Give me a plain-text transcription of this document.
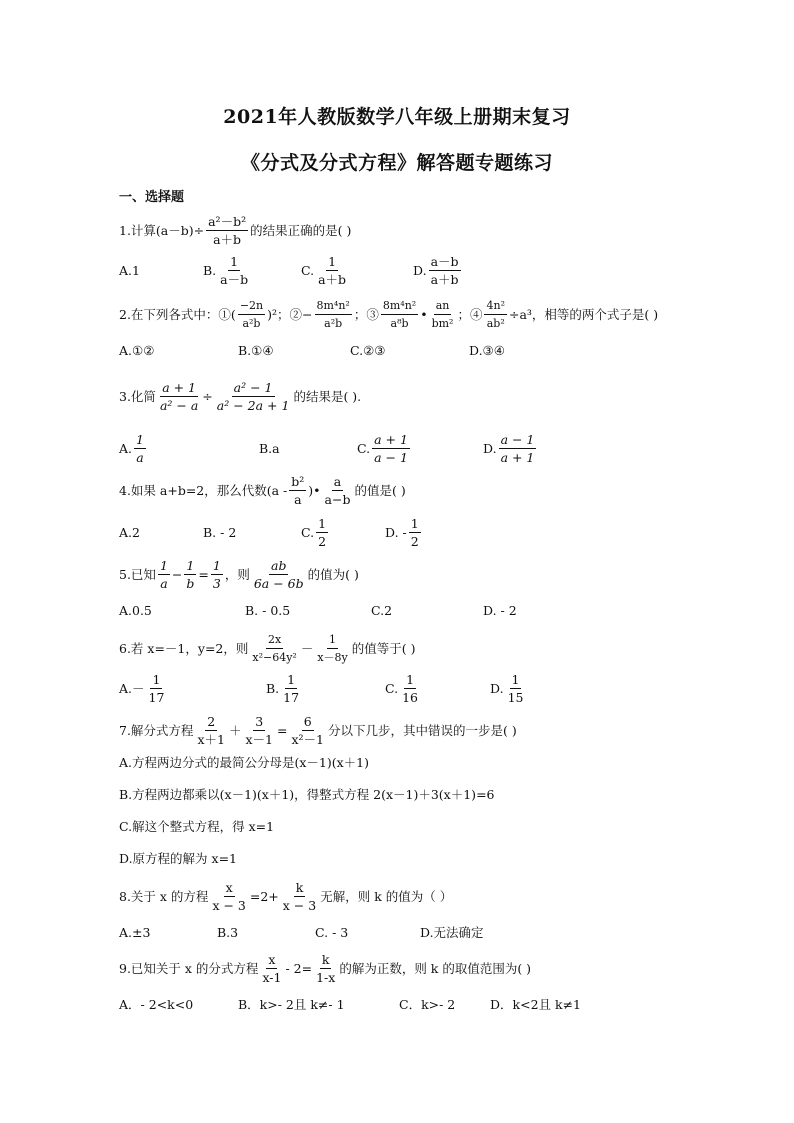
2021年人教版数学八年级上册期末复习
《分式及分式方程》解答题专题练习
一、选择题
1.计算$(a-b)\div \frac{\text{a²－b²}}{a+b}$ 的结果正确的是( )
A.1	B. $\frac{1}{a-b}$	C. $\frac{1}{a+b}$	D. $\frac{a-b}{a+b}$
2.在下列各式中：①( $\frac{-2n}{\text{a²b}} )^2$；②− $\frac{\text{8m⁴n²}}{\text{a²b}}$ ；③ $\frac{\text{8m⁴n²}}{\text{a⁸b}}$ • $\frac{an}{\text{bm²}}$ ；④ $\frac{\text{4n²}}{\text{ab²}} \div a^3$，相等的两个式子是( )
A.①②	B.①④	C.②③	D.③④
3.化简 $\frac{a + 1}{\text{a² − a}} \div \frac{\text{a² − 1}}{\text{a² − 2a + 1}}$ 的结果是( ).
A. $\frac{1}{a}$	B.a	C. $\frac{a + 1}{a - 1}$	D. $\frac{a - 1}{a + 1}$
4.如果 a+b=2，那么代数($a - \frac{\text{b²}}{a}$ )• $\frac{a}{a-b}$ 的值是( )
A.2	B. - 2	C. $\frac{1}{2}$	D. - $\frac{1}{2}$
5.已知 $\frac{1}{a} - \frac{1}{b} = \frac{1}{3}$ ，则 $\frac{ab}{6a - 6b}$ 的值为( )
A.0.5	B. - 0.5	C.2	D. - 2
6.若 x=－1，y=2，则 $\frac{2x}{\text{x²−64y²}} - \frac{1}{x-8y}$ 的值等于( )
$A.- \frac{1}{17}$	B. $\frac{1}{17}$	C. $\frac{1}{16}$	D. $\frac{1}{15}$
7.解分式方程 $\frac{2}{x+1} + \frac{3}{x-1} = \frac{6}{\text{x²－1}}$ 分以下几步，其中错误的一步是( )
A.方程两边分式的最简公分母是(x－1)(x＋1)
B.方程两边都乘以(x－1)(x＋1)，得整式方程 2(x－1)＋3(x＋1)=6
C.解这个整式方程，得 x=1
D.原方程的解为 x=1
8.关于 x 的方程 $\frac{x}{x - 3} =2+ \frac{k}{x - 3}$ 无解，则 k 的值为（ ）
A.±3	B.3	C. - 3	D.无法确定
9.已知关于 x 的分式方程 $\frac{x}{x-1} - 2= \frac{k}{1-x}$ 的解为正数，则 k 的取值范围为( )
A．- 2<k<0	B．k>- 2且 k≠- 1	C．k>- 2	D．k<2且 k≠1
